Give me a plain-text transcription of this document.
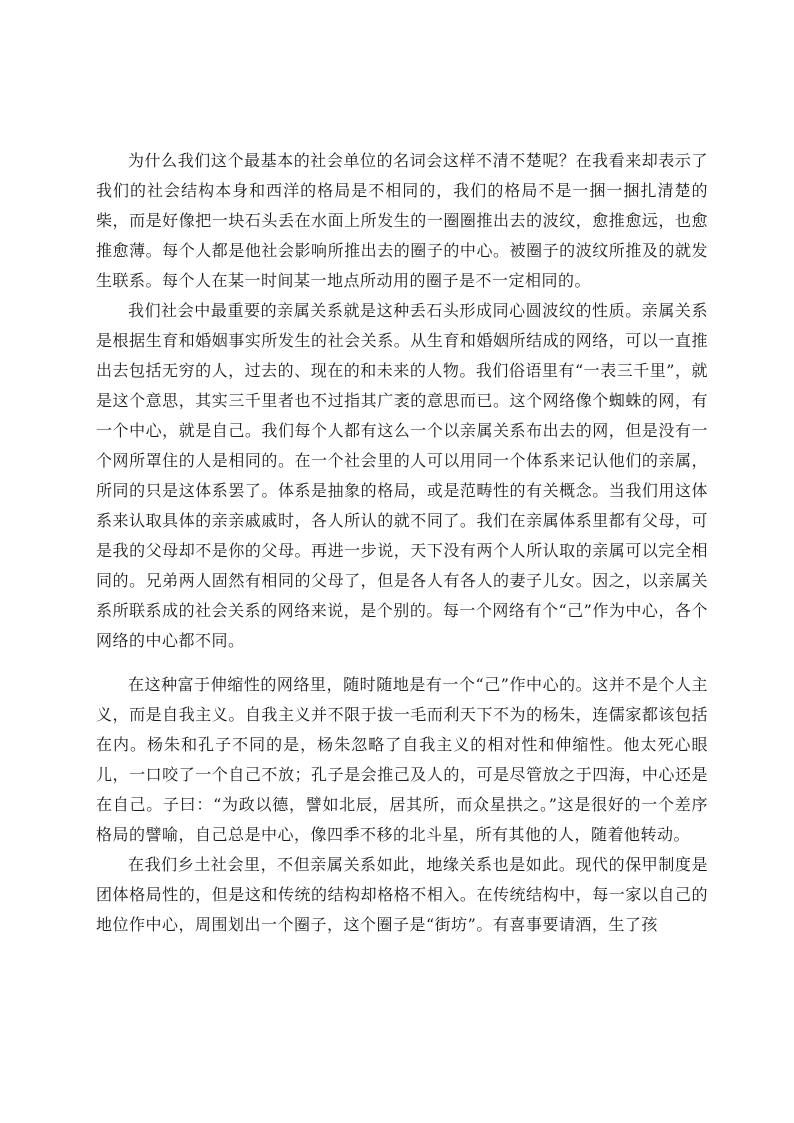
为什么我们这个最基本的社会单位的名词会这样不清不楚呢？在我看来却表示了我们的社会结构本身和西洋的格局是不相同的，我们的格局不是一捆一捆扎清楚的柴，而是好像把一块石头丢在水面上所发生的一圈圈推出去的波纹，愈推愈远，也愈推愈薄。每个人都是他社会影响所推出去的圈子的中心。被圈子的波纹所推及的就发生联系。每个人在某一时间某一地点所动用的圈子是不一定相同的。

我们社会中最重要的亲属关系就是这种丢石头形成同心圆波纹的性质。亲属关系是根据生育和婚姻事实所发生的社会关系。从生育和婚姻所结成的网络，可以一直推出去包括无穷的人，过去的、现在的和未来的人物。我们俗语里有“一表三千里”，就是这个意思，其实三千里者也不过指其广袤的意思而已。这个网络像个蜘蛛的网，有一个中心，就是自己。我们每个人都有这么一个以亲属关系布出去的网，但是没有一个网所罩住的人是相同的。在一个社会里的人可以用同一个体系来记认他们的亲属，所同的只是这体系罢了。体系是抽象的格局，或是范畴性的有关概念。当我们用这体系来认取具体的亲亲戚戚时，各人所认的就不同了。我们在亲属体系里都有父母，可是我的父母却不是你的父母。再进一步说，天下没有两个人所认取的亲属可以完全相同的。兄弟两人固然有相同的父母了，但是各人有各人的妻子儿女。因之，以亲属关系所联系成的社会关系的网络来说，是个别的。每一个网络有个“己”作为中心，各个网络的中心都不同。

在这种富于伸缩性的网络里，随时随地是有一个“己”作中心的。这并不是个人主义，而是自我主义。自我主义并不限于拔一毛而利天下不为的杨朱，连儒家都该包括在内。杨朱和孔子不同的是，杨朱忽略了自我主义的相对性和伸缩性。他太死心眼儿，一口咬了一个自己不放；孔子是会推己及人的，可是尽管放之于四海，中心还是在自己。子曰：“为政以德，譬如北辰，居其所，而众星拱之。”这是很好的一个差序格局的譬喻，自己总是中心，像四季不移的北斗星，所有其他的人，随着他转动。

在我们乡土社会里，不但亲属关系如此，地缘关系也是如此。现代的保甲制度是团体格局性的，但是这和传统的结构却格格不相入。在传统结构中，每一家以自己的地位作中心，周围划出一个圈子，这个圈子是“街坊”。有喜事要请酒，生了孩
